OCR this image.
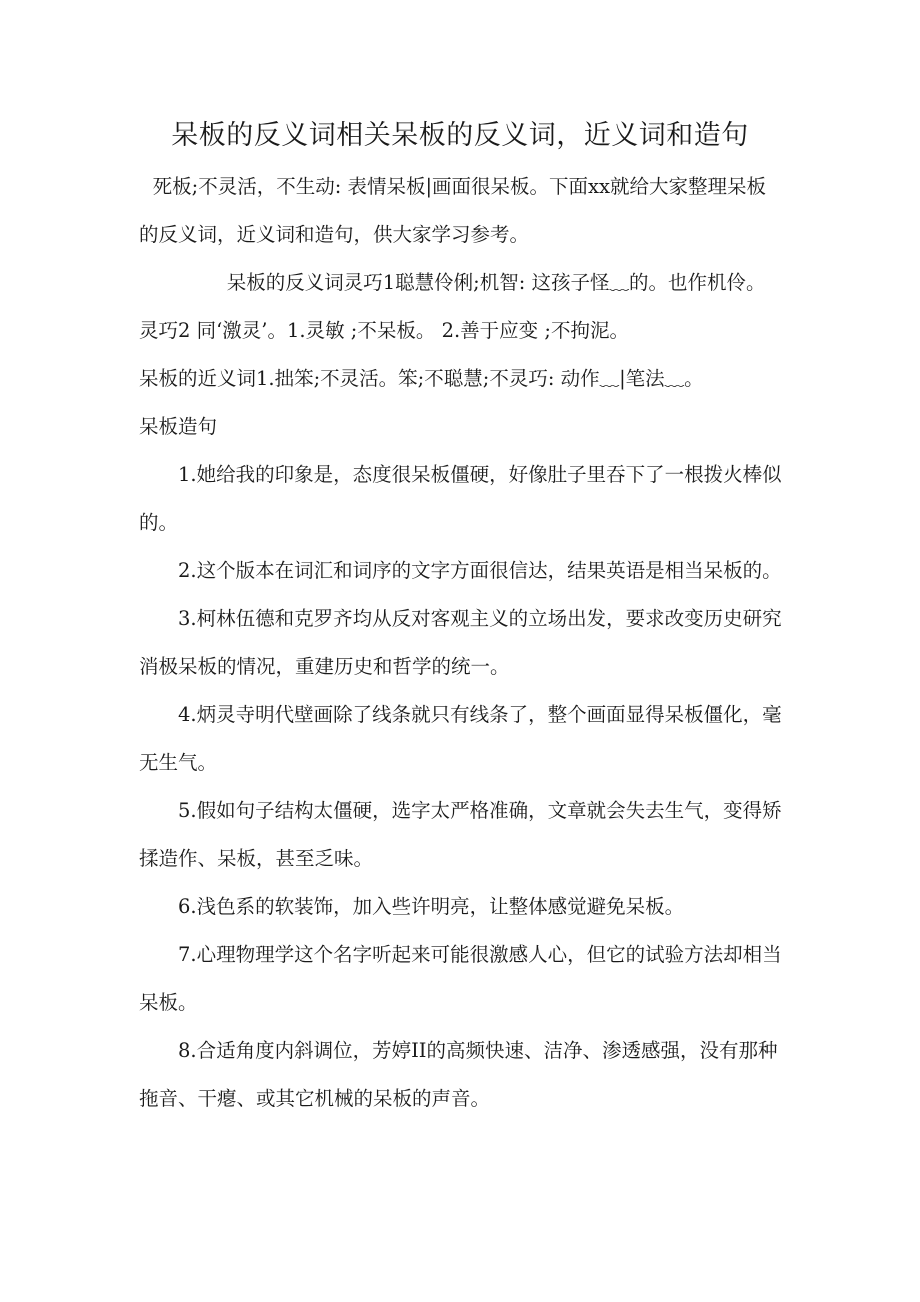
呆板的反义词相关呆板的反义词，近义词和造句

死板;不灵活，不生动: 表情呆板|画面很呆板。下面xx就给大家整理呆板的反义词，近义词和造句，供大家学习参考。

呆板的反义词灵巧1聪慧伶俐;机智: 这孩子怪﹏的。也作机伶。 灵巧2 同‘激灵’。1.灵敏 ;不呆板。 2.善于应变 ;不拘泥。

呆板的近义词1.拙笨;不灵活。笨;不聪慧;不灵巧: 动作﹏|笔法﹏。

呆板造句

1.她给我的印象是，态度很呆板僵硬，好像肚子里吞下了一根拨火棒似的。

2.这个版本在词汇和词序的文字方面很信达，结果英语是相当呆板的。

3.柯林伍德和克罗齐均从反对客观主义的立场出发，要求改变历史研究消极呆板的情况，重建历史和哲学的统一。

4.炳灵寺明代壁画除了线条就只有线条了，整个画面显得呆板僵化，毫无生气。

5.假如句子结构太僵硬，选字太严格准确，文章就会失去生气，变得矫揉造作、呆板，甚至乏味。

6.浅色系的软装饰，加入些许明亮，让整体感觉避免呆板。

7.心理物理学这个名字听起来可能很激感人心，但它的试验方法却相当呆板。

8.合适角度内斜调位，芳婷II的高频快速、洁净、渗透感强，没有那种拖音、干瘪、或其它机械的呆板的声音。
